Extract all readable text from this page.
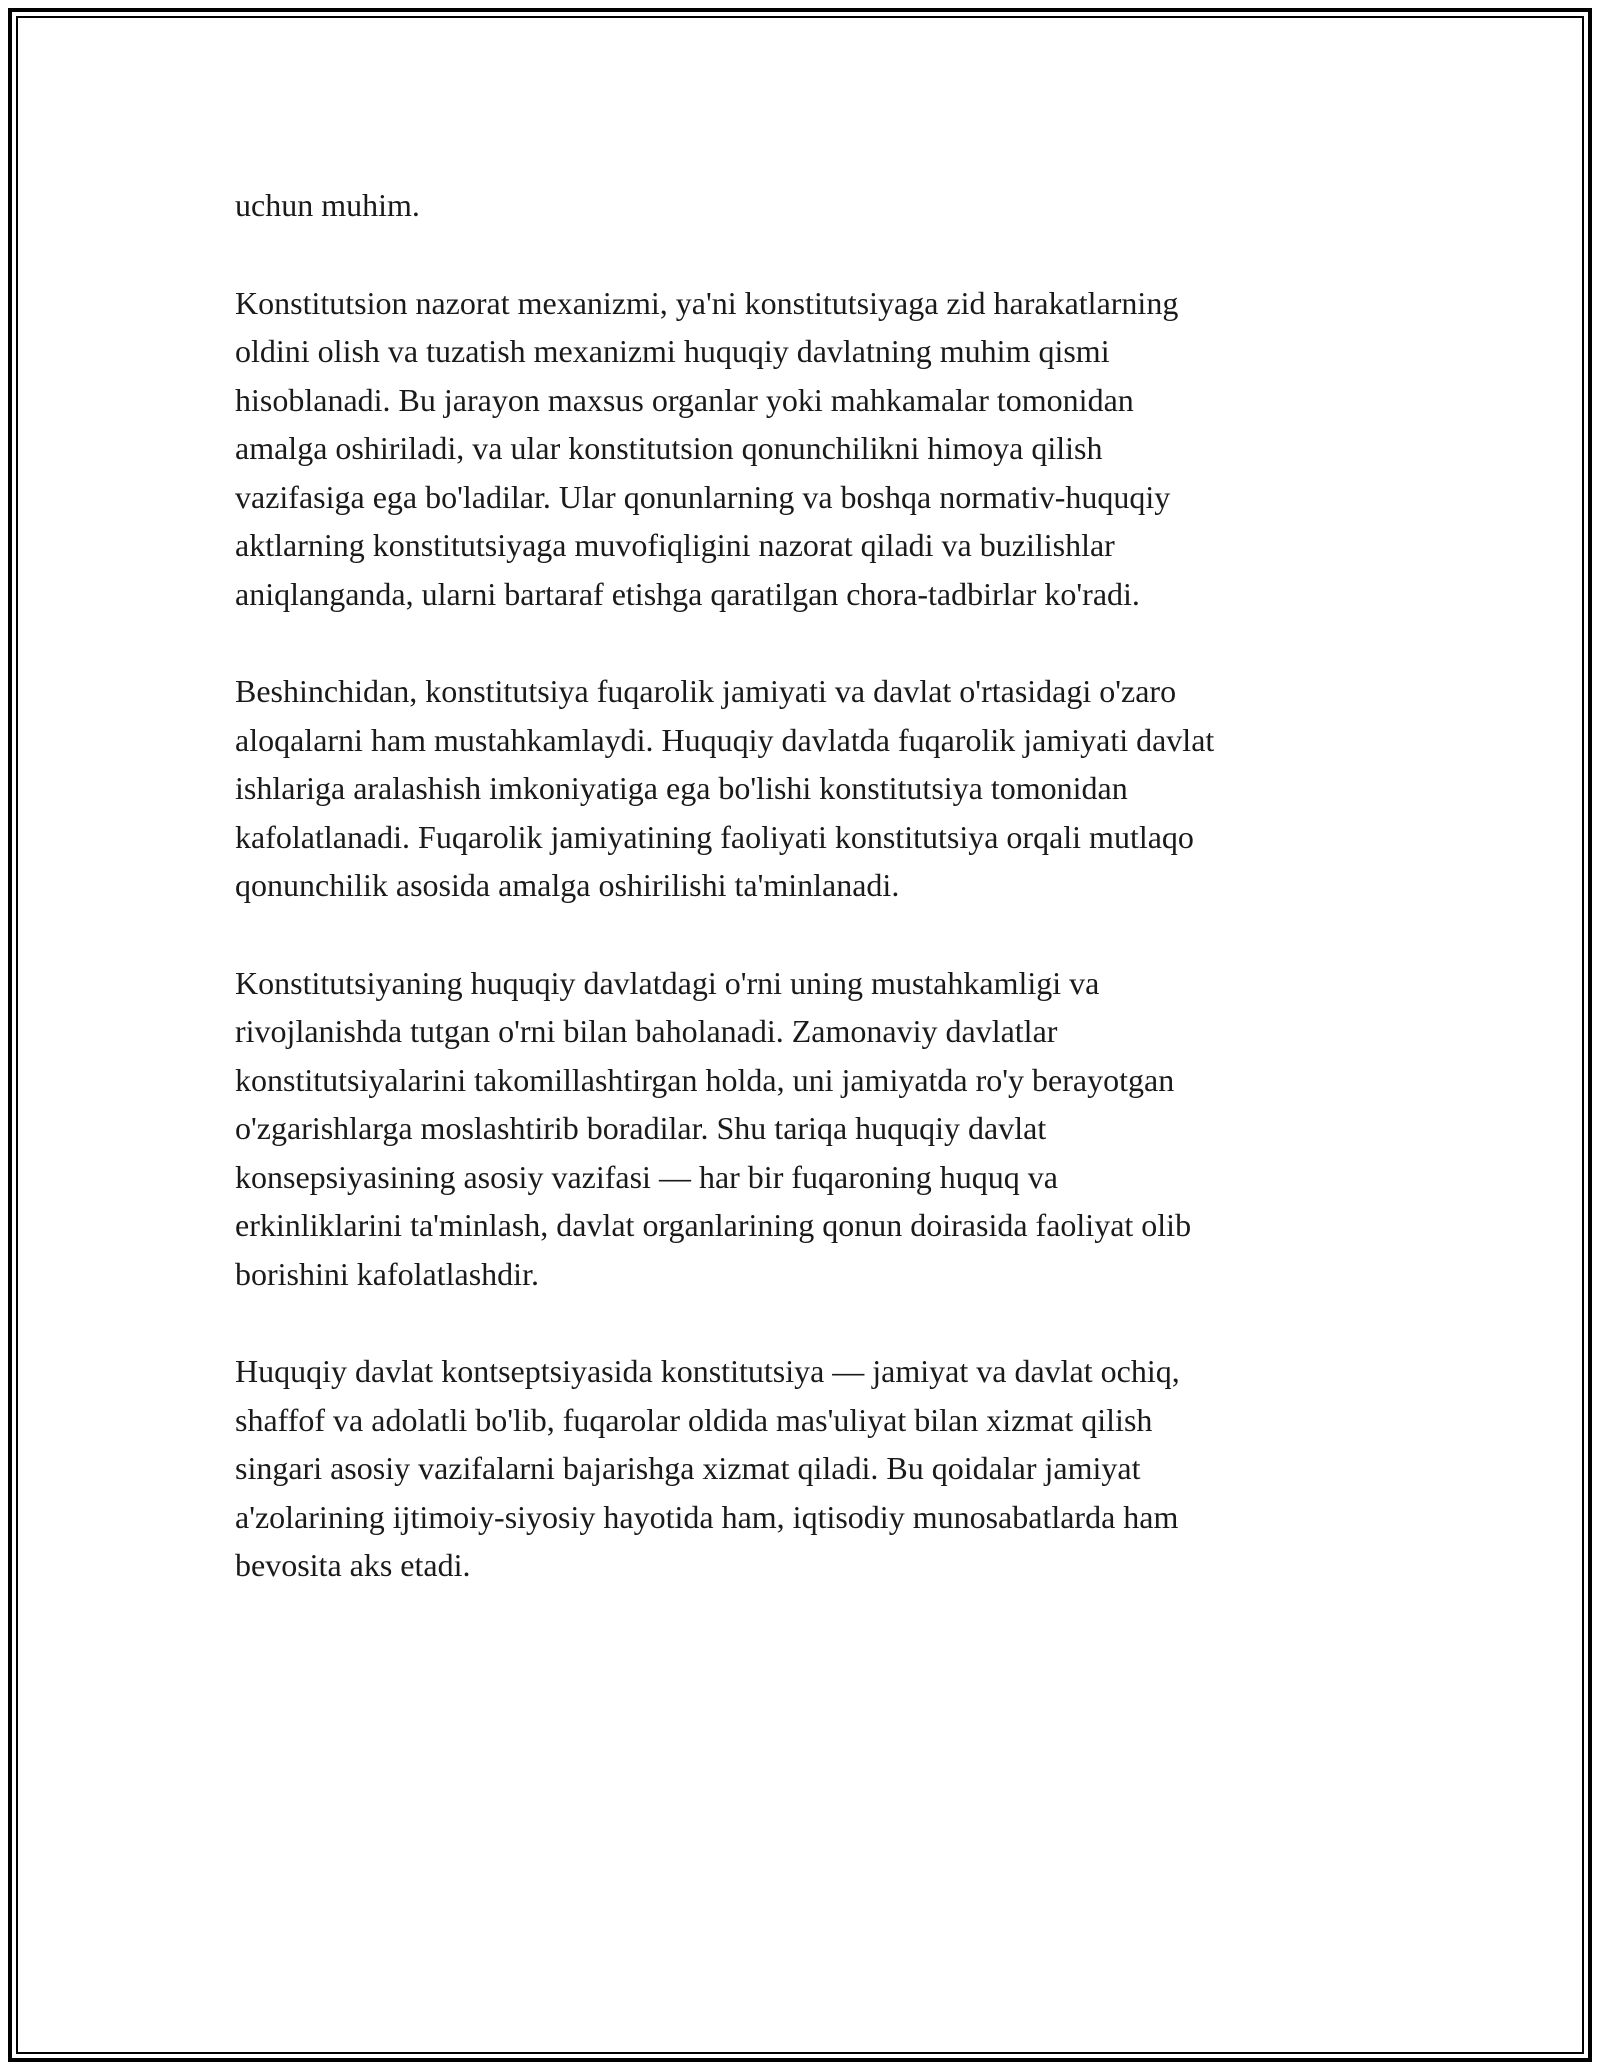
uchun muhim.

Konstitutsion nazorat mexanizmi, ya'ni konstitutsiyaga zid harakatlarning
oldini olish va tuzatish mexanizmi huquqiy davlatning muhim qismi
hisoblanadi. Bu jarayon maxsus organlar yoki mahkamalar tomonidan
amalga oshiriladi, va ular konstitutsion qonunchilikni himoya qilish
vazifasiga ega bo'ladilar. Ular qonunlarning va boshqa normativ-huquqiy
aktlarning konstitutsiyaga muvofiqligini nazorat qiladi va buzilishlar
aniqlanganda, ularni bartaraf etishga qaratilgan chora-tadbirlar ko'radi.

Beshinchidan, konstitutsiya fuqarolik jamiyati va davlat o'rtasidagi o'zaro
aloqalarni ham mustahkamlaydi. Huquqiy davlatda fuqarolik jamiyati davlat
ishlariga aralashish imkoniyatiga ega bo'lishi konstitutsiya tomonidan
kafolatlanadi. Fuqarolik jamiyatining faoliyati konstitutsiya orqali mutlaqo
qonunchilik asosida amalga oshirilishi ta'minlanadi.

Konstitutsiyaning huquqiy davlatdagi o'rni uning mustahkamligi va
rivojlanishda tutgan o'rni bilan baholanadi. Zamonaviy davlatlar
konstitutsiyalarini takomillashtirgan holda, uni jamiyatda ro'y berayotgan
o'zgarishlarga moslashtirib boradilar. Shu tariqa huquqiy davlat
konsepsiyasining asosiy vazifasi — har bir fuqaroning huquq va
erkinliklarini ta'minlash, davlat organlarining qonun doirasida faoliyat olib
borishini kafolatlashdir.

Huquqiy davlat kontseptsiyasida konstitutsiya — jamiyat va davlat ochiq,
shaffof va adolatli bo'lib, fuqarolar oldida mas'uliyat bilan xizmat qilish
singari asosiy vazifalarni bajarishga xizmat qiladi. Bu qoidalar jamiyat
a'zolarining ijtimoiy-siyosiy hayotida ham, iqtisodiy munosabatlarda ham
bevosita aks etadi.
